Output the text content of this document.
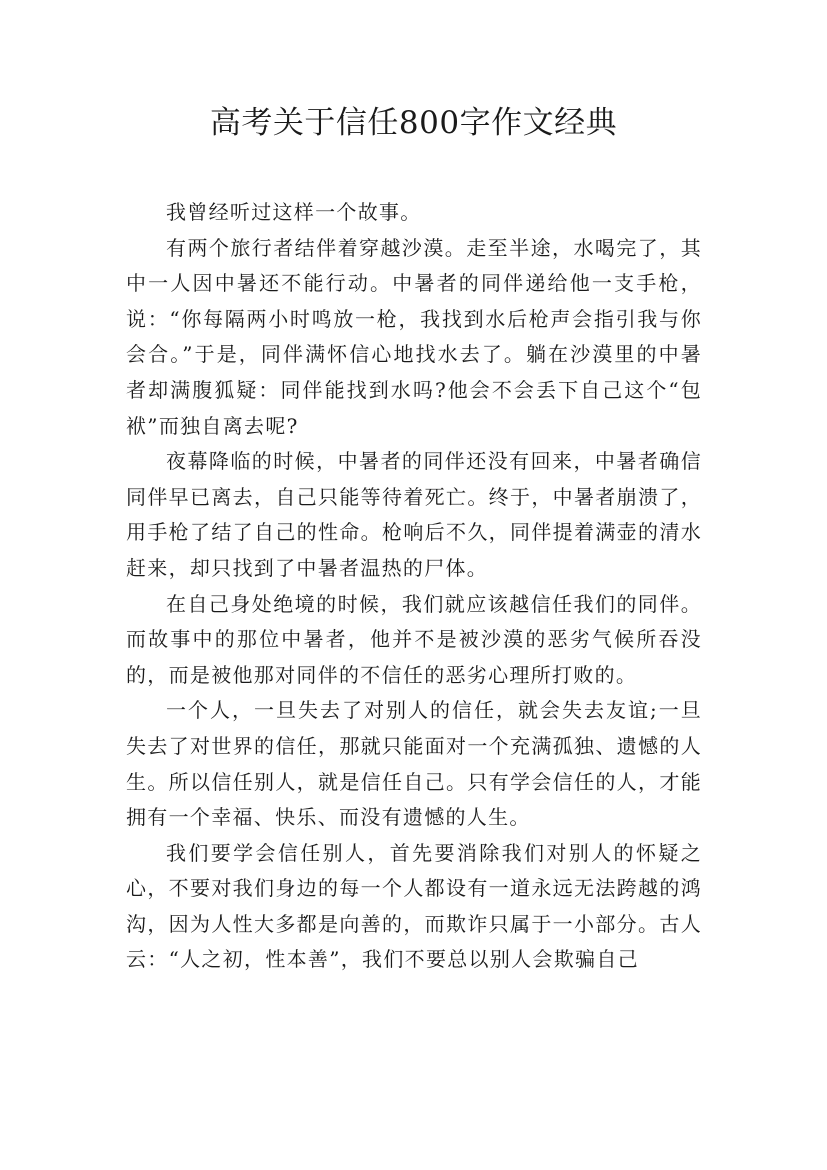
高考关于信任800字作文经典

我曾经听过这样一个故事。

有两个旅行者结伴着穿越沙漠。走至半途，水喝完了，其中一人因中暑还不能行动。中暑者的同伴递给他一支手枪，说：“你每隔两小时鸣放一枪，我找到水后枪声会指引我与你会合。”于是，同伴满怀信心地找水去了。躺在沙漠里的中暑者却满腹狐疑：同伴能找到水吗?他会不会丢下自己这个“包袱”而独自离去呢?

夜幕降临的时候，中暑者的同伴还没有回来，中暑者确信同伴早已离去，自己只能等待着死亡。终于，中暑者崩溃了，用手枪了结了自己的性命。枪响后不久，同伴提着满壶的清水赶来，却只找到了中暑者温热的尸体。

在自己身处绝境的时候，我们就应该越信任我们的同伴。而故事中的那位中暑者，他并不是被沙漠的恶劣气候所吞没的，而是被他那对同伴的不信任的恶劣心理所打败的。

一个人，一旦失去了对别人的信任，就会失去友谊;一旦失去了对世界的信任，那就只能面对一个充满孤独、遗憾的人生。所以信任别人，就是信任自己。只有学会信任的人，才能拥有一个幸福、快乐、而没有遗憾的人生。

我们要学会信任别人，首先要消除我们对别人的怀疑之心，不要对我们身边的每一个人都设有一道永远无法跨越的鸿沟，因为人性大多都是向善的，而欺诈只属于一小部分。古人云：“人之初，性本善”，我们不要总以别人会欺骗自己
